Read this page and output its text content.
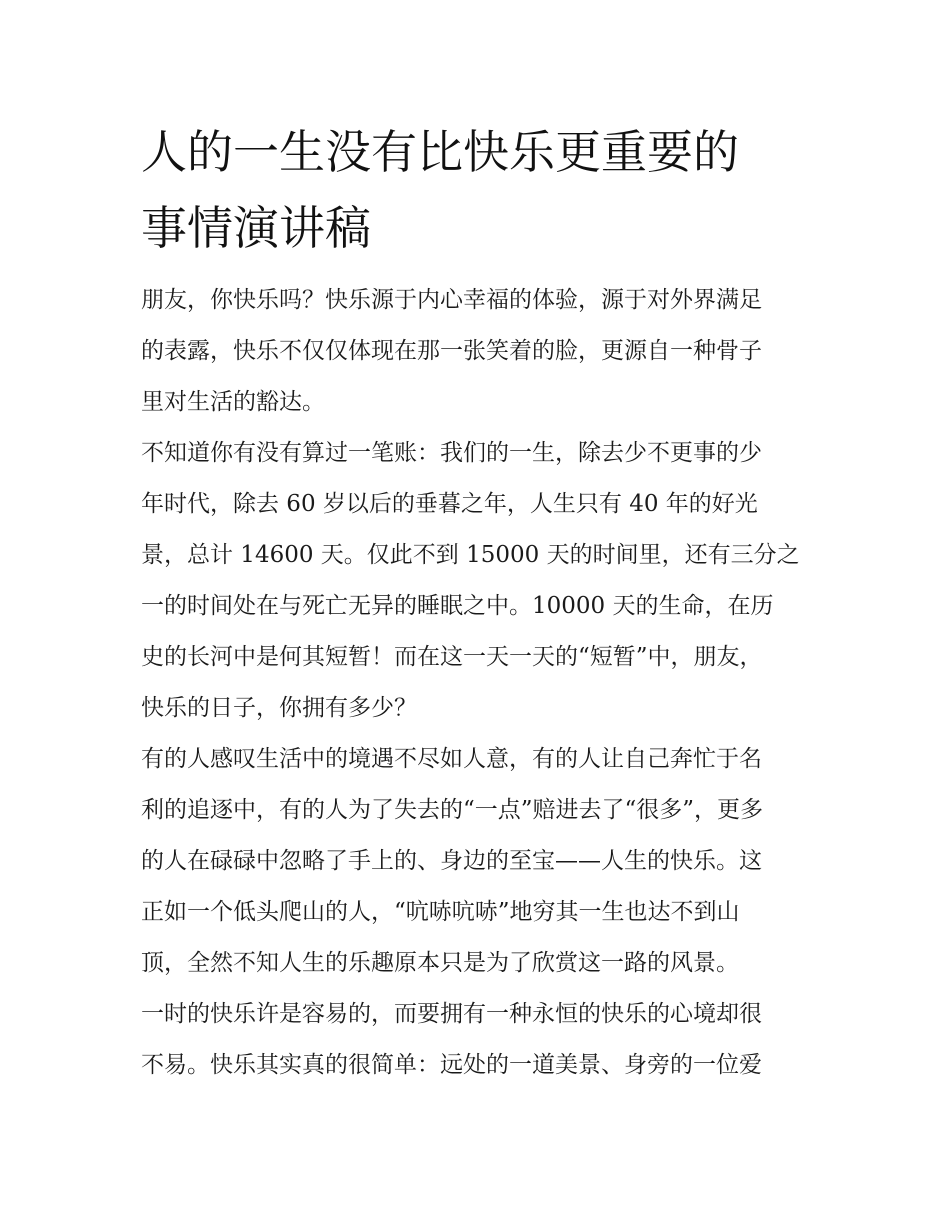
人的一生没有比快乐更重要的
事情演讲稿

朋友，你快乐吗？快乐源于内心幸福的体验，源于对外界满足
的表露，快乐不仅仅体现在那一张笑着的脸，更源自一种骨子
里对生活的豁达。

不知道你有没有算过一笔账：我们的一生，除去少不更事的少
年时代，除去 60 岁以后的垂暮之年，人生只有 40 年的好光
景，总计 14600 天。仅此不到 15000 天的时间里，还有三分之
一的时间处在与死亡无异的睡眠之中。10000 天的生命，在历
史的长河中是何其短暂！而在这一天一天的“短暂”中，朋友，
快乐的日子，你拥有多少？

有的人感叹生活中的境遇不尽如人意，有的人让自己奔忙于名
利的追逐中，有的人为了失去的“一点”赔进去了“很多”，更多
的人在碌碌中忽略了手上的、身边的至宝——人生的快乐。这
正如一个低头爬山的人，“吭哧吭哧”地穷其一生也达不到山
顶，全然不知人生的乐趣原本只是为了欣赏这一路的风景。

一时的快乐许是容易的，而要拥有一种永恒的快乐的心境却很
不易。快乐其实真的很简单：远处的一道美景、身旁的一位爱
